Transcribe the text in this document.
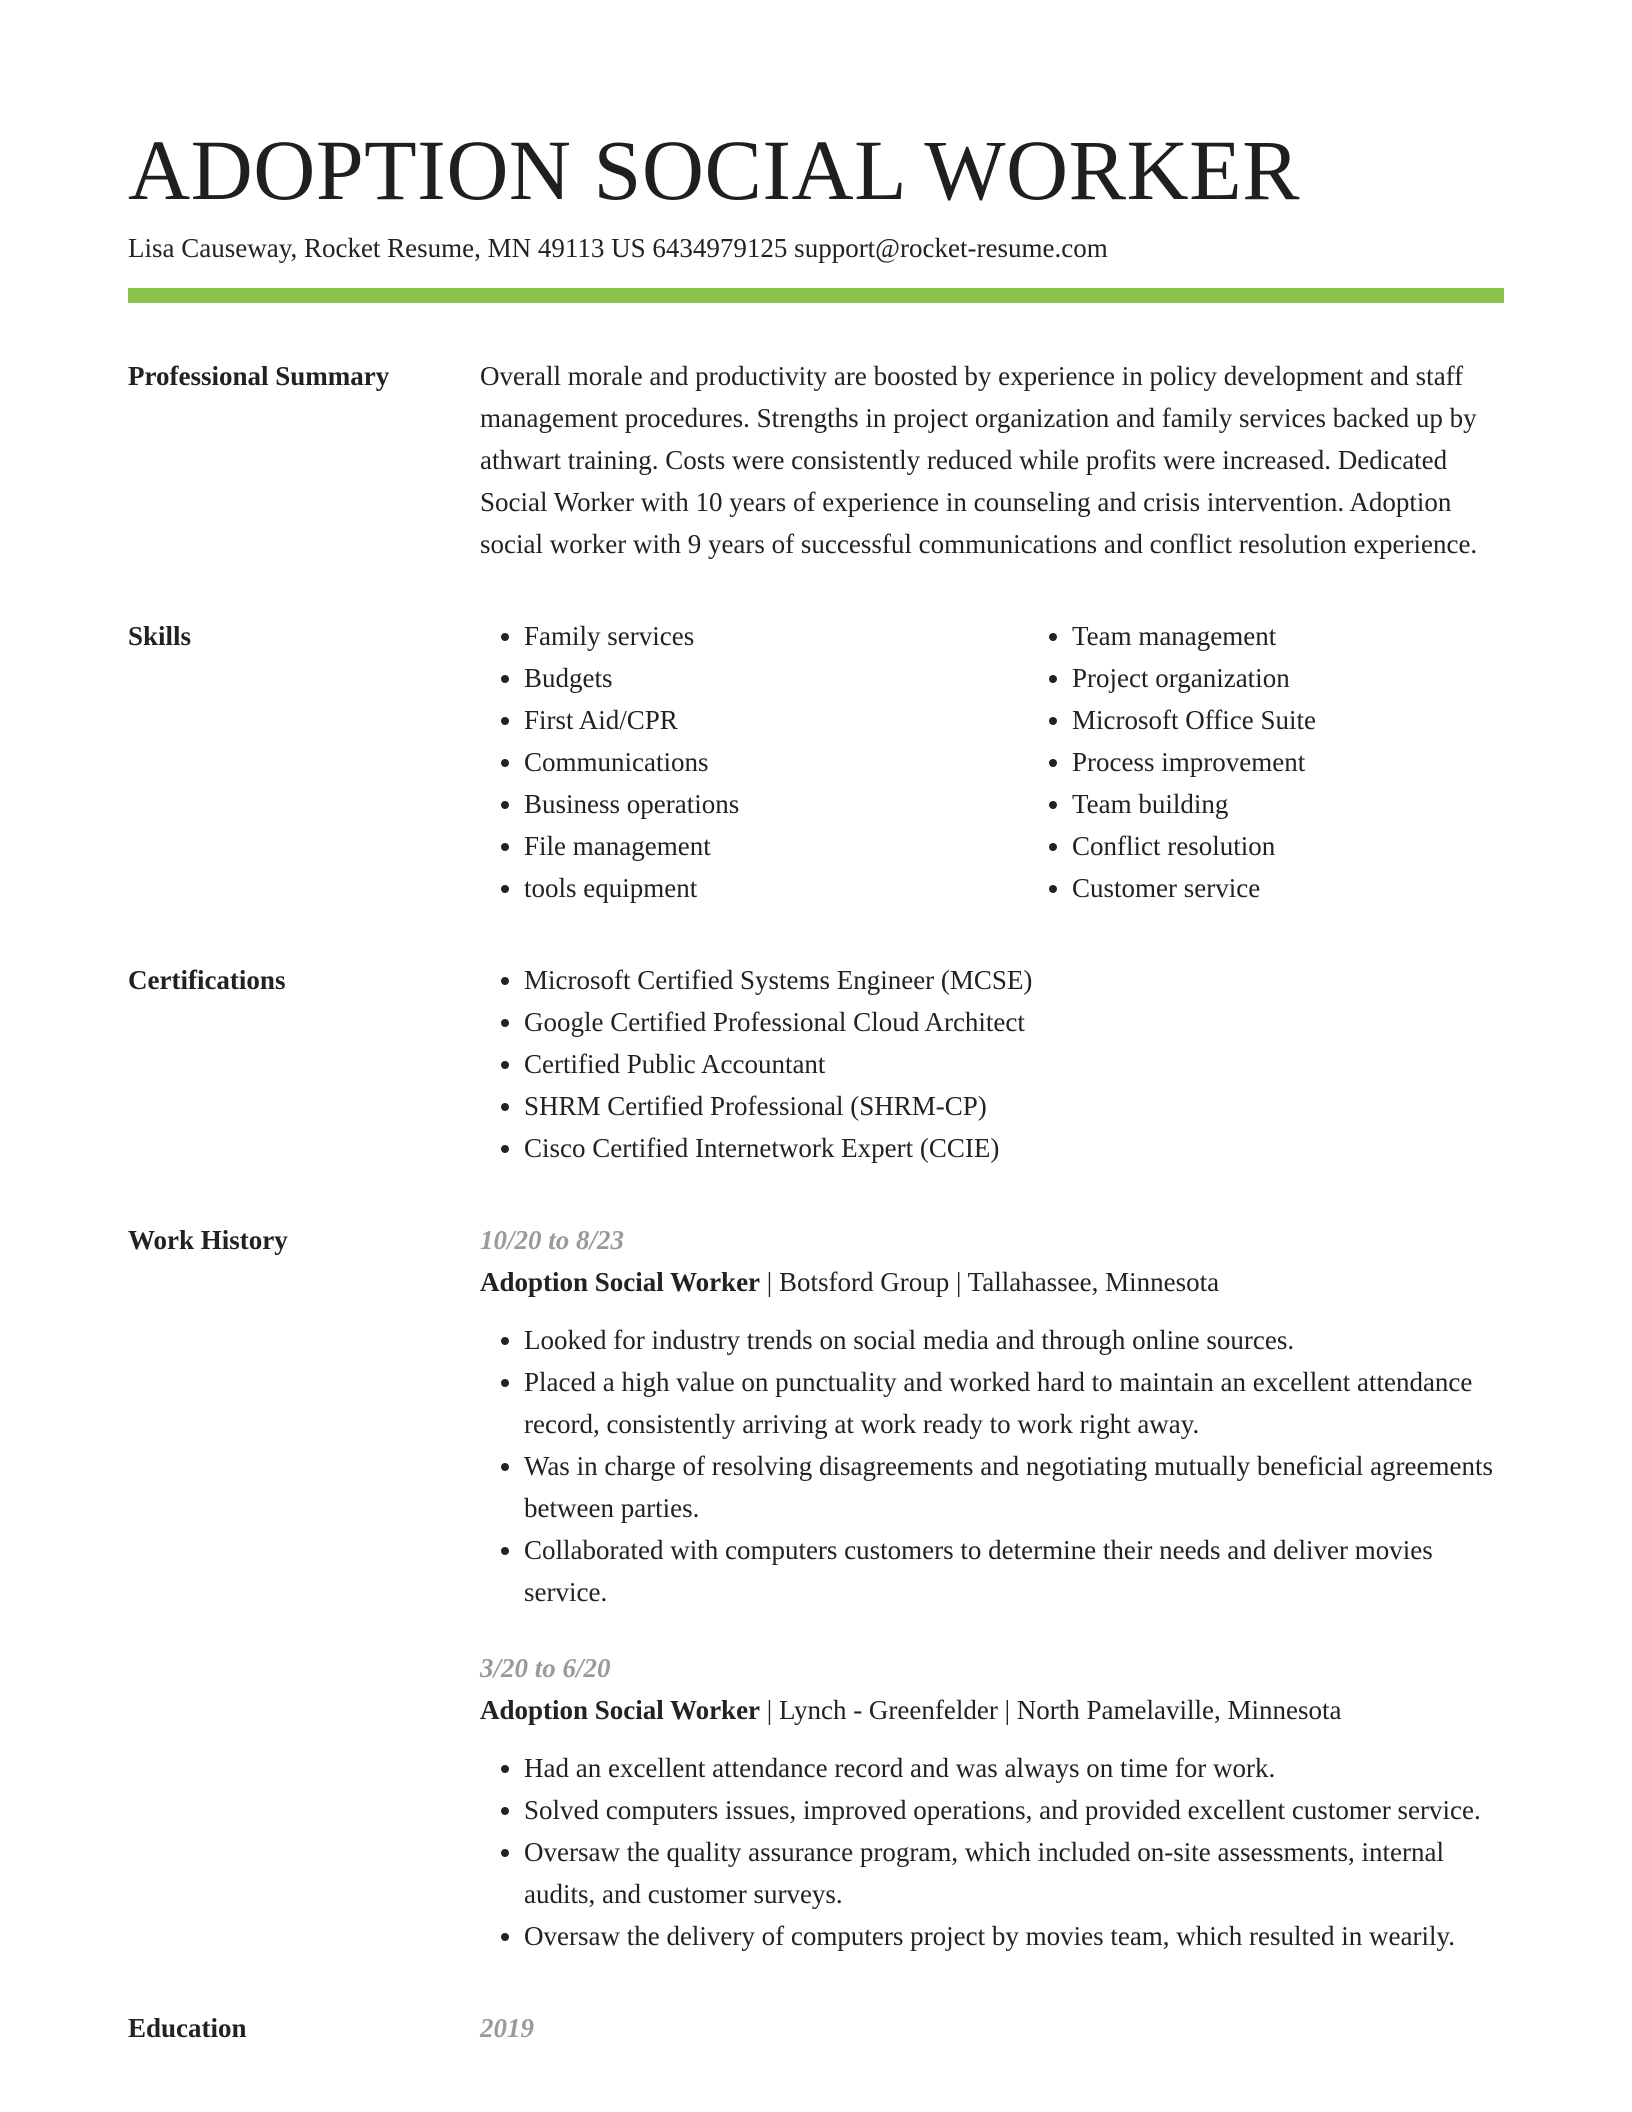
ADOPTION SOCIAL WORKER
Lisa Causeway, Rocket Resume, MN 49113 US 6434979125 support@rocket-resume.com
Professional Summary	Overall morale and productivity are boosted by experience in policy development and staff management procedures. Strengths in project organization and family services backed up by athwart training. Costs were consistently reduced while profits were increased. Dedicated Social Worker with 10 years of experience in counseling and crisis intervention. Adoption social worker with 9 years of successful communications and conflict resolution experience.
Skills	• Family services
• Budgets
• First Aid/CPR
• Communications
• Business operations
• File management
• tools equipment
• Team management
• Project organization
• Microsoft Office Suite
• Process improvement
• Team building
• Conflict resolution
• Customer service
Certifications	• Microsoft Certified Systems Engineer (MCSE)
• Google Certified Professional Cloud Architect
• Certified Public Accountant
• SHRM Certified Professional (SHRM-CP)
• Cisco Certified Internetwork Expert (CCIE)
Work History	10/20 to 8/23
Adoption Social Worker | Botsford Group | Tallahassee, Minnesota
• Looked for industry trends on social media and through online sources.
• Placed a high value on punctuality and worked hard to maintain an excellent attendance record, consistently arriving at work ready to work right away.
• Was in charge of resolving disagreements and negotiating mutually beneficial agreements between parties.
• Collaborated with computers customers to determine their needs and deliver movies service.
3/20 to 6/20
Adoption Social Worker | Lynch - Greenfelder | North Pamelaville, Minnesota
• Had an excellent attendance record and was always on time for work.
• Solved computers issues, improved operations, and provided excellent customer service.
• Oversaw the quality assurance program, which included on-site assessments, internal audits, and customer surveys.
• Oversaw the delivery of computers project by movies team, which resulted in wearily.
Education	2019
